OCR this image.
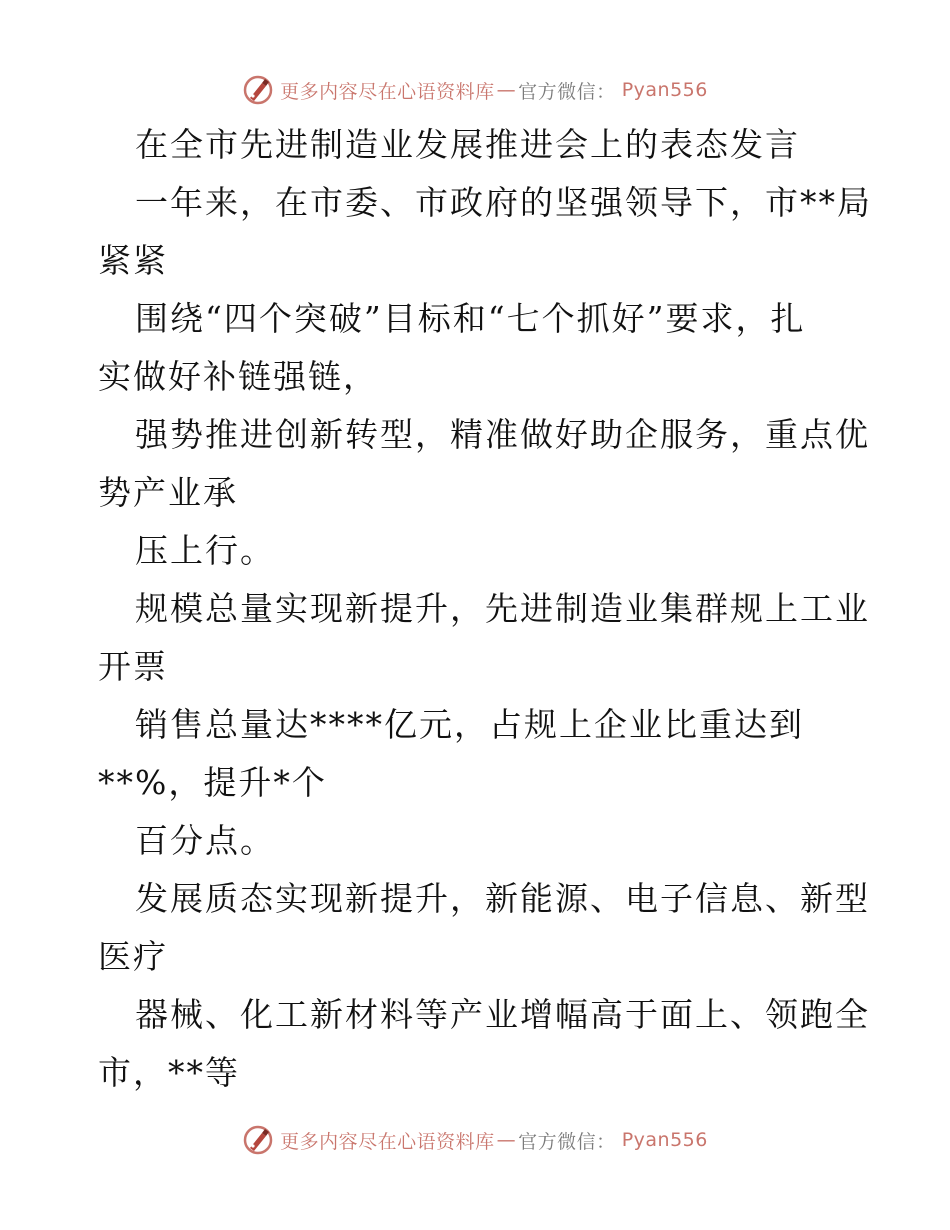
更多内容尽在心语资料库 — 官方微信： Pyan556
在全市先进制造业发展推进会上的表态发言
一年来，在市委、市政府的坚强领导下，市**局
紧紧
围绕“四个突破”目标和“七个抓好”要求，扎
实做好补链强链，
强势推进创新转型，精准做好助企服务，重点优
势产业承
压上行。
规模总量实现新提升，先进制造业集群规上工业
开票
销售总量达****亿元，占规上企业比重达到
**%，提升*个
百分点。
发展质态实现新提升，新能源、电子信息、新型
医疗
器械、化工新材料等产业增幅高于面上、领跑全
市，**等
更多内容尽在心语资料库 — 官方微信： Pyan556
